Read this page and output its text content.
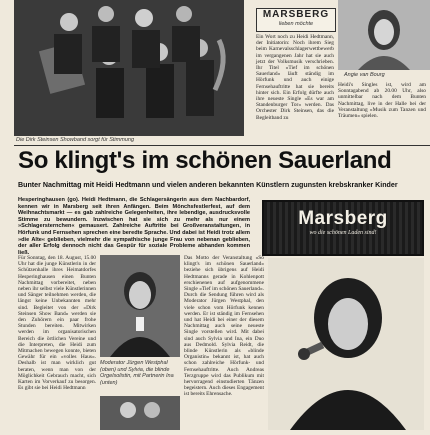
Die Dirk Steinsen Showband sorgt für Stimmung
MARSBERG
lieben möchte
Ein Wort noch zu Heidi Hedtmann, der Initiatorin: Noch ihrem Sieg beim Karnevalsschlagerwettbewerb im vergangenen Jahr hat sie auch jetzt der Volksmusik verschrieben. Ihr Titel »Tief im schönen Sauerland« läuft ständig im Hörfunk und auch einige Fernsehauftritte hat sie bereits hinter sich. Ein Erfolg dürfte auch ihre neueste Single »Es war am Standenburger Tor« werden. Das Orchester Dirk Steinsen, das die Begleitband zu
Angie van Bourg
Heidi's Singles ist, wird am Sonntagabend ab 20.00 Uhr, also unmittelbar nach dem Bunten Nachmittag, live in der Halle bei der Veranstaltung »Musik zum Tanzen und Träumen« spielen.
So klingt's im schönen Sauerland
Bunter Nachmittag mit Heidi Hedtmann und vielen anderen bekannten Künstlern zugunsten krebskranker Kinder
Hesperinghausen (go). Heidi Hedtmann, die Schlagersängerin aus dem Nachbardorf, kennen wir in Marsberg seit ihren Anfängen. Beim Mönchsfestlerfest, auf dem Weihnachtsmarkt — es gab zahlreiche Gelegenheiten, ihre lebendige, ausdrucksvolle Stimme zu bewundern. Inzwischen hat sie sich zu mehr als nur einem »Schlagersternchen« gemausert. Zahlreiche Auftritte bei Großveranstaltungen, in Hörfunk und Fernsehen sprechen eine beredte Sprache. Und dabei ist Heidi trotz allem »die Alte« geblieben, vielmehr die sympathische junge Frau von nebenan geblieben, der aller Erfolg dennoch nicht das Gespür für soziale Probleme abhanden kommen ließ.
Marsberg
wo die schönen Laden sind!
Für Sonntag, den 18. August, 15.00 Uhr hat die junge Künstlerin in der Schützenhalle ihres Heimatdorfes Hesperinghausen einen Bunten Nachmittag vorbereitet, neben neben ihr selbst viele Künstlerinnen und Sänger teilnehmen werden, die längst keine Unbekannten mehr sind. Begleitet von der »Dirk Steinsen Show Band« werden sie den Zuhörern ein paar frohe Stunden bereiten. Mitwirken werden im organisatorischen Bereich die örtlichen Vereine und die Interpreten, die Heidi zum Mitmachen bewegen konnte, bieten Gewähr für ein »volles Haus«. Deshalb ist man wirklich gut beraten, wenn man von der Möglichkeit Gebrauch macht, sich Karten im Vorverkauf zu besorgen. Es gibt sie bei Heidi Hedtmann
Moderator Jürgen Westphal (oben) und Sylvia, die blinde Orgelsolistin, mit Partnerin Ina (unten)
Das Motto der Veranstaltung »So klingt's im schönen Sauerland« beziehe sich übrigens auf Heidi Hedtmanns gerade in Kohlenpott erschienenen auf aufgenommene Single »Tief im schönen Sauerland«. Durch die Sendung führen wird als Moderator Jürgen Westphal, den viele schon vom Hörfunk kennen werden. Er ist ständig im Fernsehen und hat Heidi bei einer der diesem Nachmittag auch seine neueste Single vorstellen wird. Mit dabei sind auch Sylvia und Ina, ein Duo aus Dedmold. Sylvia Reidt, die blinde Künstlerin als »blinde Organistin« bekannt ist, hat auch schon zahlreiche Hörfunk- und Fernsehauftritte. Auch Andreas Terzgruppe wird das Publikum mit hervorragend einstudierten Tänzen begeistern. Auch dieses Engagement ist bereits Ehrensache.
